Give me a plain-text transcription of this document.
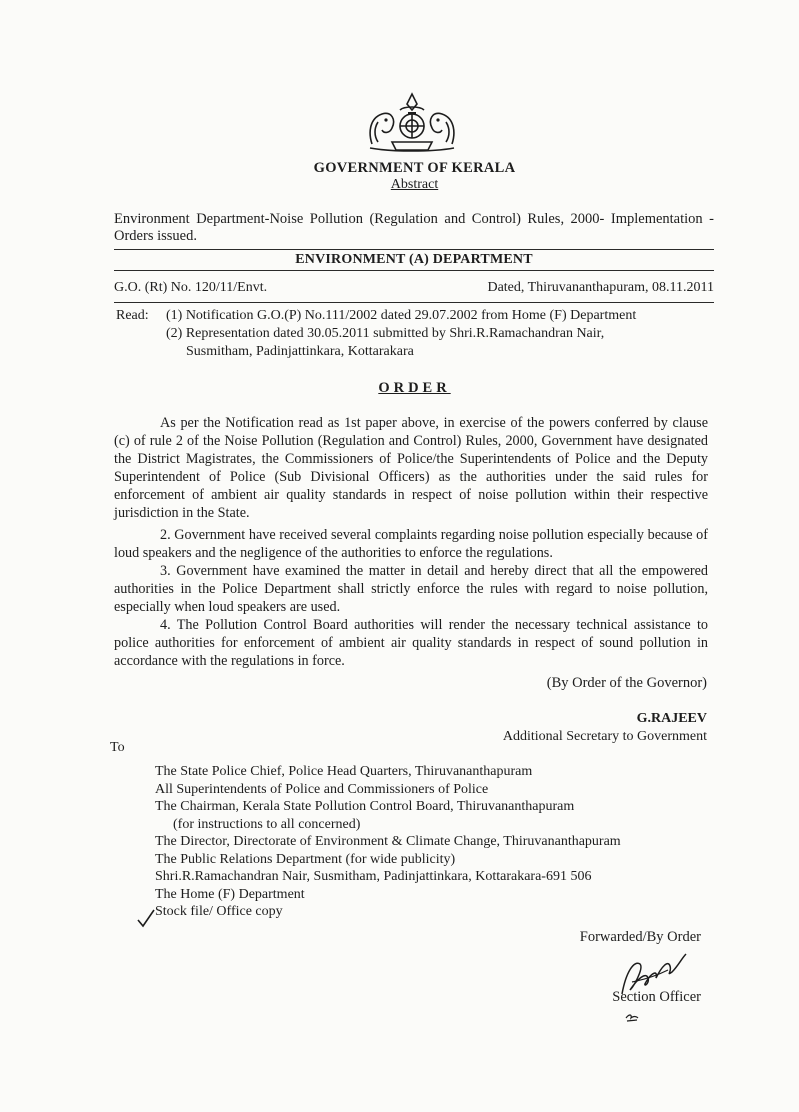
GOVERNMENT OF KERALA
Abstract
Environment Department-Noise Pollution (Regulation and Control) Rules, 2000- Implementation - Orders issued.
ENVIRONMENT (A) DEPARTMENT
G.O. (Rt) No. 120/11/Envt.	Dated, Thiruvananthapuram, 08.11.2011
Read: (1) Notification G.O.(P) No.111/2002 dated 29.07.2002 from Home (F) Department
(2) Representation dated 30.05.2011 submitted by Shri.R.Ramachandran Nair,
Susmitham, Padinjattinkara, Kottarakara
ORDER

As per the Notification read as 1st paper above, in exercise of the powers conferred by clause (c) of rule 2 of the Noise Pollution (Regulation and Control) Rules, 2000, Government have designated the District Magistrates, the Commissioners of Police/the Superintendents of Police and the Deputy Superintendent of Police (Sub Divisional Officers) as the authorities under the said rules for enforcement of ambient air quality standards in respect of noise pollution within their respective jurisdiction in the State.

2. Government have received several complaints regarding noise pollution especially because of loud speakers and the negligence of the authorities to enforce the regulations.

3. Government have examined the matter in detail and hereby direct that all the empowered authorities in the Police Department shall strictly enforce the rules with regard to noise pollution, especially when loud speakers are used.

4. The Pollution Control Board authorities will render the necessary technical assistance to police authorities for enforcement of ambient air quality standards in respect of sound pollution in accordance with the regulations in force.

(By Order of the Governor)
G.RAJEEV
Additional Secretary to Government
To
The State Police Chief, Police Head Quarters, Thiruvananthapuram
All Superintendents of Police and Commissioners of Police
The Chairman, Kerala State Pollution Control Board, Thiruvananthapuram
(for instructions to all concerned)
The Director, Directorate of Environment & Climate Change, Thiruvananthapuram
The Public Relations Department (for wide publicity)
Shri.R.Ramachandran Nair, Susmitham, Padinjattinkara, Kottarakara-691 506
The Home (F) Department
Stock file/ Office copy
Forwarded/By Order
Section Officer
